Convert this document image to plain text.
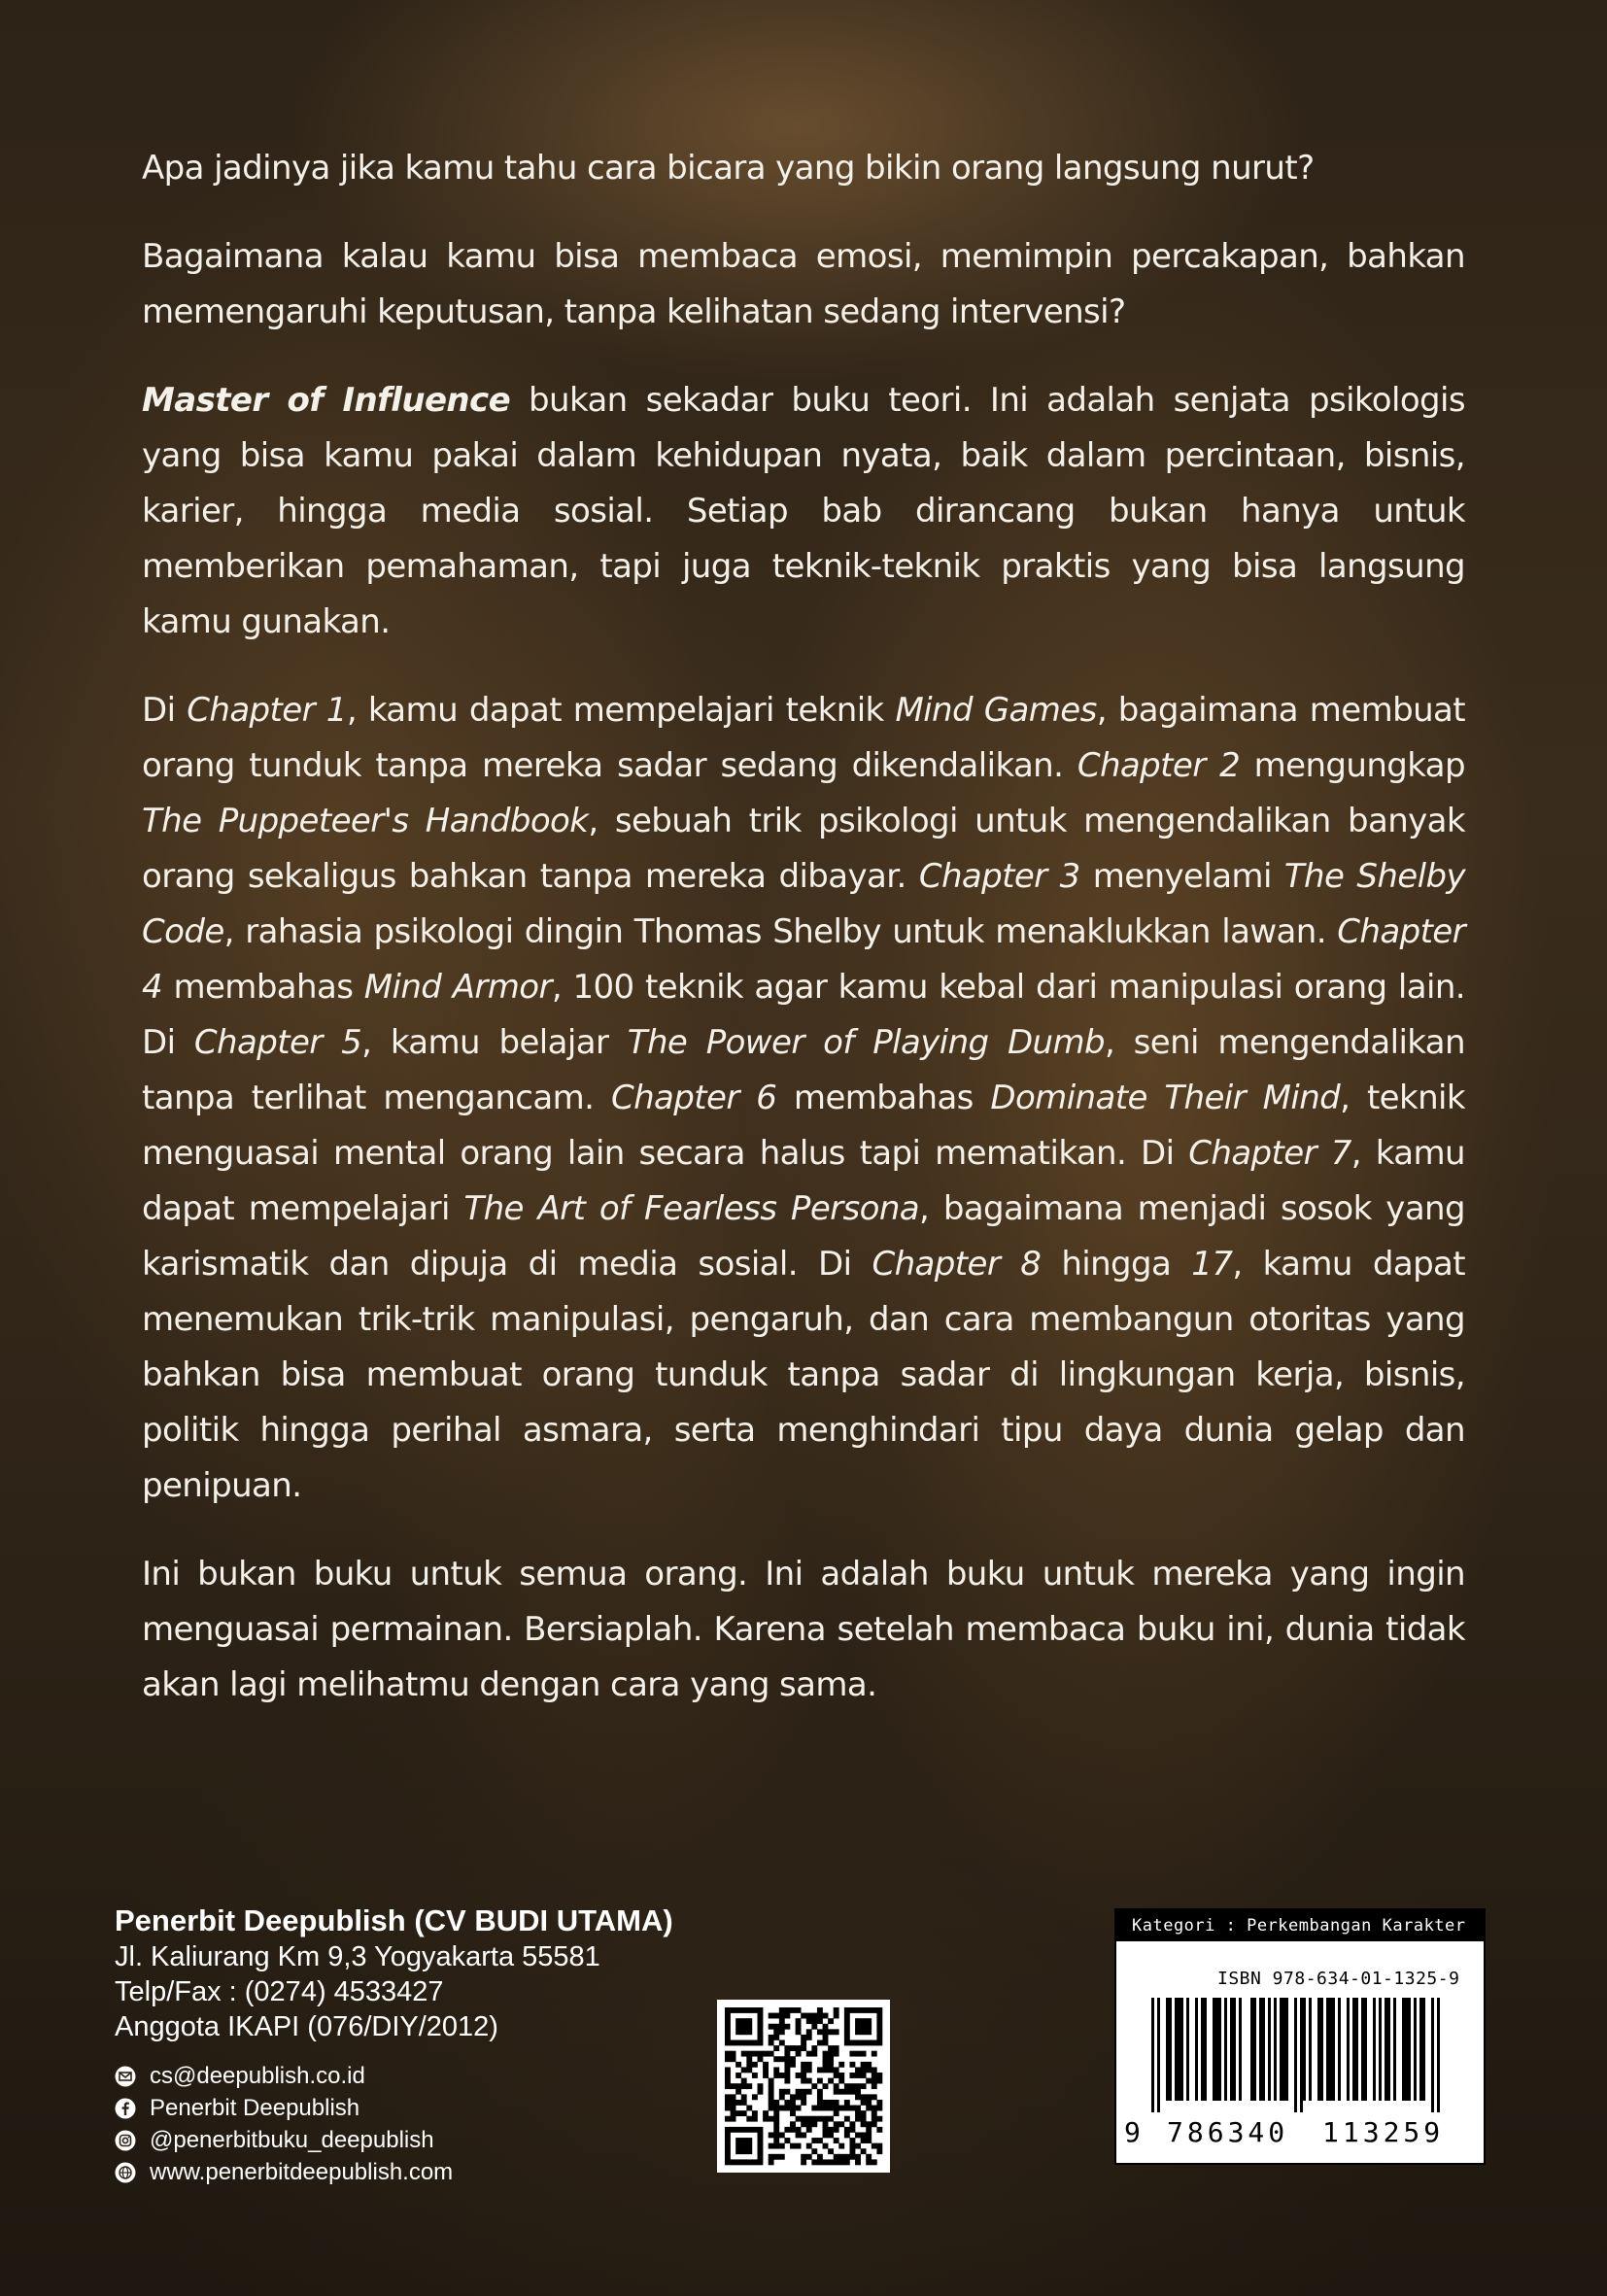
Apa jadinya jika kamu tahu cara bicara yang bikin orang langsung nurut?

Bagaimana kalau kamu bisa membaca emosi, memimpin percakapan, bahkan memengaruhi keputusan, tanpa kelihatan sedang intervensi?

Master of Influence bukan sekadar buku teori. Ini adalah senjata psikologis yang bisa kamu pakai dalam kehidupan nyata, baik dalam percintaan, bisnis, karier, hingga media sosial. Setiap bab dirancang bukan hanya untuk memberikan pemahaman, tapi juga teknik-teknik praktis yang bisa langsung kamu gunakan.

Di Chapter 1, kamu dapat mempelajari teknik Mind Games, bagaimana membuat orang tunduk tanpa mereka sadar sedang dikendalikan. Chapter 2 mengungkap The Puppeteer's Handbook, sebuah trik psikologi untuk mengendalikan banyak orang sekaligus bahkan tanpa mereka dibayar. Chapter 3 menyelami The Shelby Code, rahasia psikologi dingin Thomas Shelby untuk menaklukkan lawan. Chapter 4 membahas Mind Armor, 100 teknik agar kamu kebal dari manipulasi orang lain. Di Chapter 5, kamu belajar The Power of Playing Dumb, seni mengendalikan tanpa terlihat mengancam. Chapter 6 membahas Dominate Their Mind, teknik menguasai mental orang lain secara halus tapi mematikan. Di Chapter 7, kamu dapat mempelajari The Art of Fearless Persona, bagaimana menjadi sosok yang karismatik dan dipuja di media sosial. Di Chapter 8 hingga 17, kamu dapat menemukan trik-trik manipulasi, pengaruh, dan cara membangun otoritas yang bahkan bisa membuat orang tunduk tanpa sadar di lingkungan kerja, bisnis, politik hingga perihal asmara, serta menghindari tipu daya dunia gelap dan penipuan.

Ini bukan buku untuk semua orang. Ini adalah buku untuk mereka yang ingin menguasai permainan. Bersiaplah. Karena setelah membaca buku ini, dunia tidak akan lagi melihatmu dengan cara yang sama.

Penerbit Deepublish (CV BUDI UTAMA)

Jl. Kaliurang Km 9,3 Yogyakarta 55581

Telp/Fax : (0274) 4533427

Anggota IKAPI (076/DIY/2012)

cs@deepublish.co.id
Penerbit Deepublish
@penerbitbuku_deepublish
www.penerbitdeepublish.com
Kategori : Perkembangan Karakter
ISBN 978-634-01-1325-9
9 786340 113259
